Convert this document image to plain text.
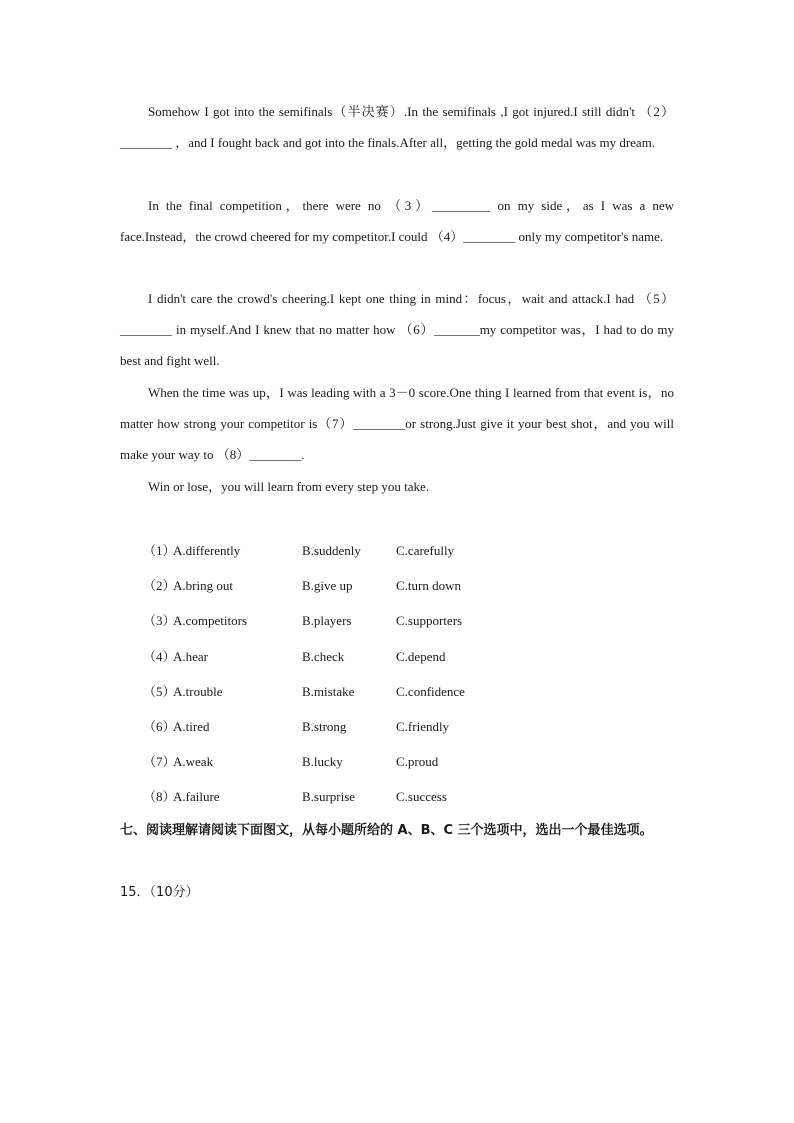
Somehow I got into the semifinals（半决赛）.In the semifinals ,I got injured.I still didn't （2）________ ，and I fought back and got into the finals.After all，getting the gold medal was my dream.

In the final competition，there were no （3）_________ on my side，as I was a new face.Instead，the crowd cheered for my competitor.I could （4）________ only my competitor's name.

I didn't care the crowd's cheering.I kept one thing in mind：focus，wait and attack.I had （5）________ in myself.And I knew that no matter how （6）_______my competitor was，I had to do my best and fight well.

When the time was up，I was leading with a 3－0 score.One thing I learned from that event is，no matter how strong your competitor is（7）________or strong.Just give it your best shot，and you will make your way to （8）________.

Win or lose，you will learn from every step you take.

（1）
A.differently	B.suddenly	C.carefully
（2）
A.bring out	B.give up	C.turn down
（3）
A.competitors	B.players	C.supporters
（4）
A.hear	B.check	C.depend
（5）
A.trouble	B.mistake	C.confidence
（6）
A.tired	B.strong	C.friendly
（7）
A.weak	B.lucky	C.proud
（8）
A.failure	B.surprise	C.success

七、阅读理解请阅读下面图文，从每小题所给的 A、B、C 三个选项中，选出一个最佳选项。

15．（10分）
